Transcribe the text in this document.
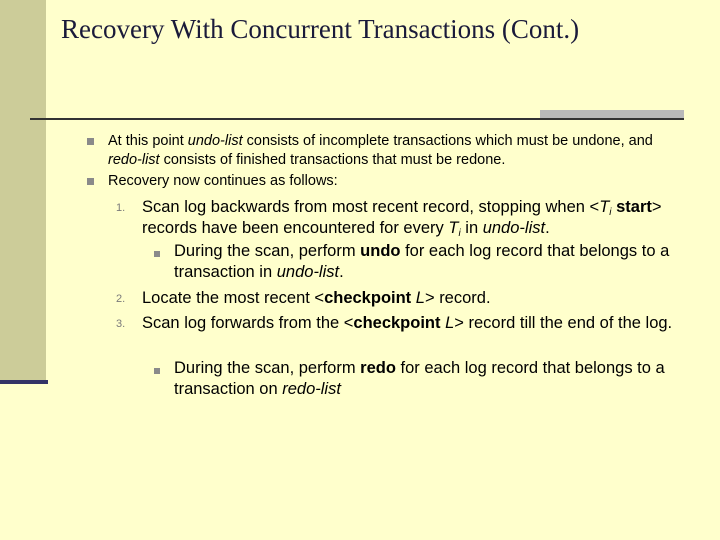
Recovery With Concurrent Transactions (Cont.)
At this point undo-list consists of incomplete transactions which must be undone, and redo-list consists of finished transactions that must be redone.
Recovery now continues as follows:
1. Scan log backwards from most recent record, stopping when $<T_i$ start> records have been encountered for every $T_i$ in undo-list.
During the scan, perform undo for each log record that belongs to a transaction in undo-list.
2. Locate the most recent <checkpoint L> record.
3. Scan log forwards from the <checkpoint L> record till the end of the log.
During the scan, perform redo for each log record that belongs to a transaction on redo-list
